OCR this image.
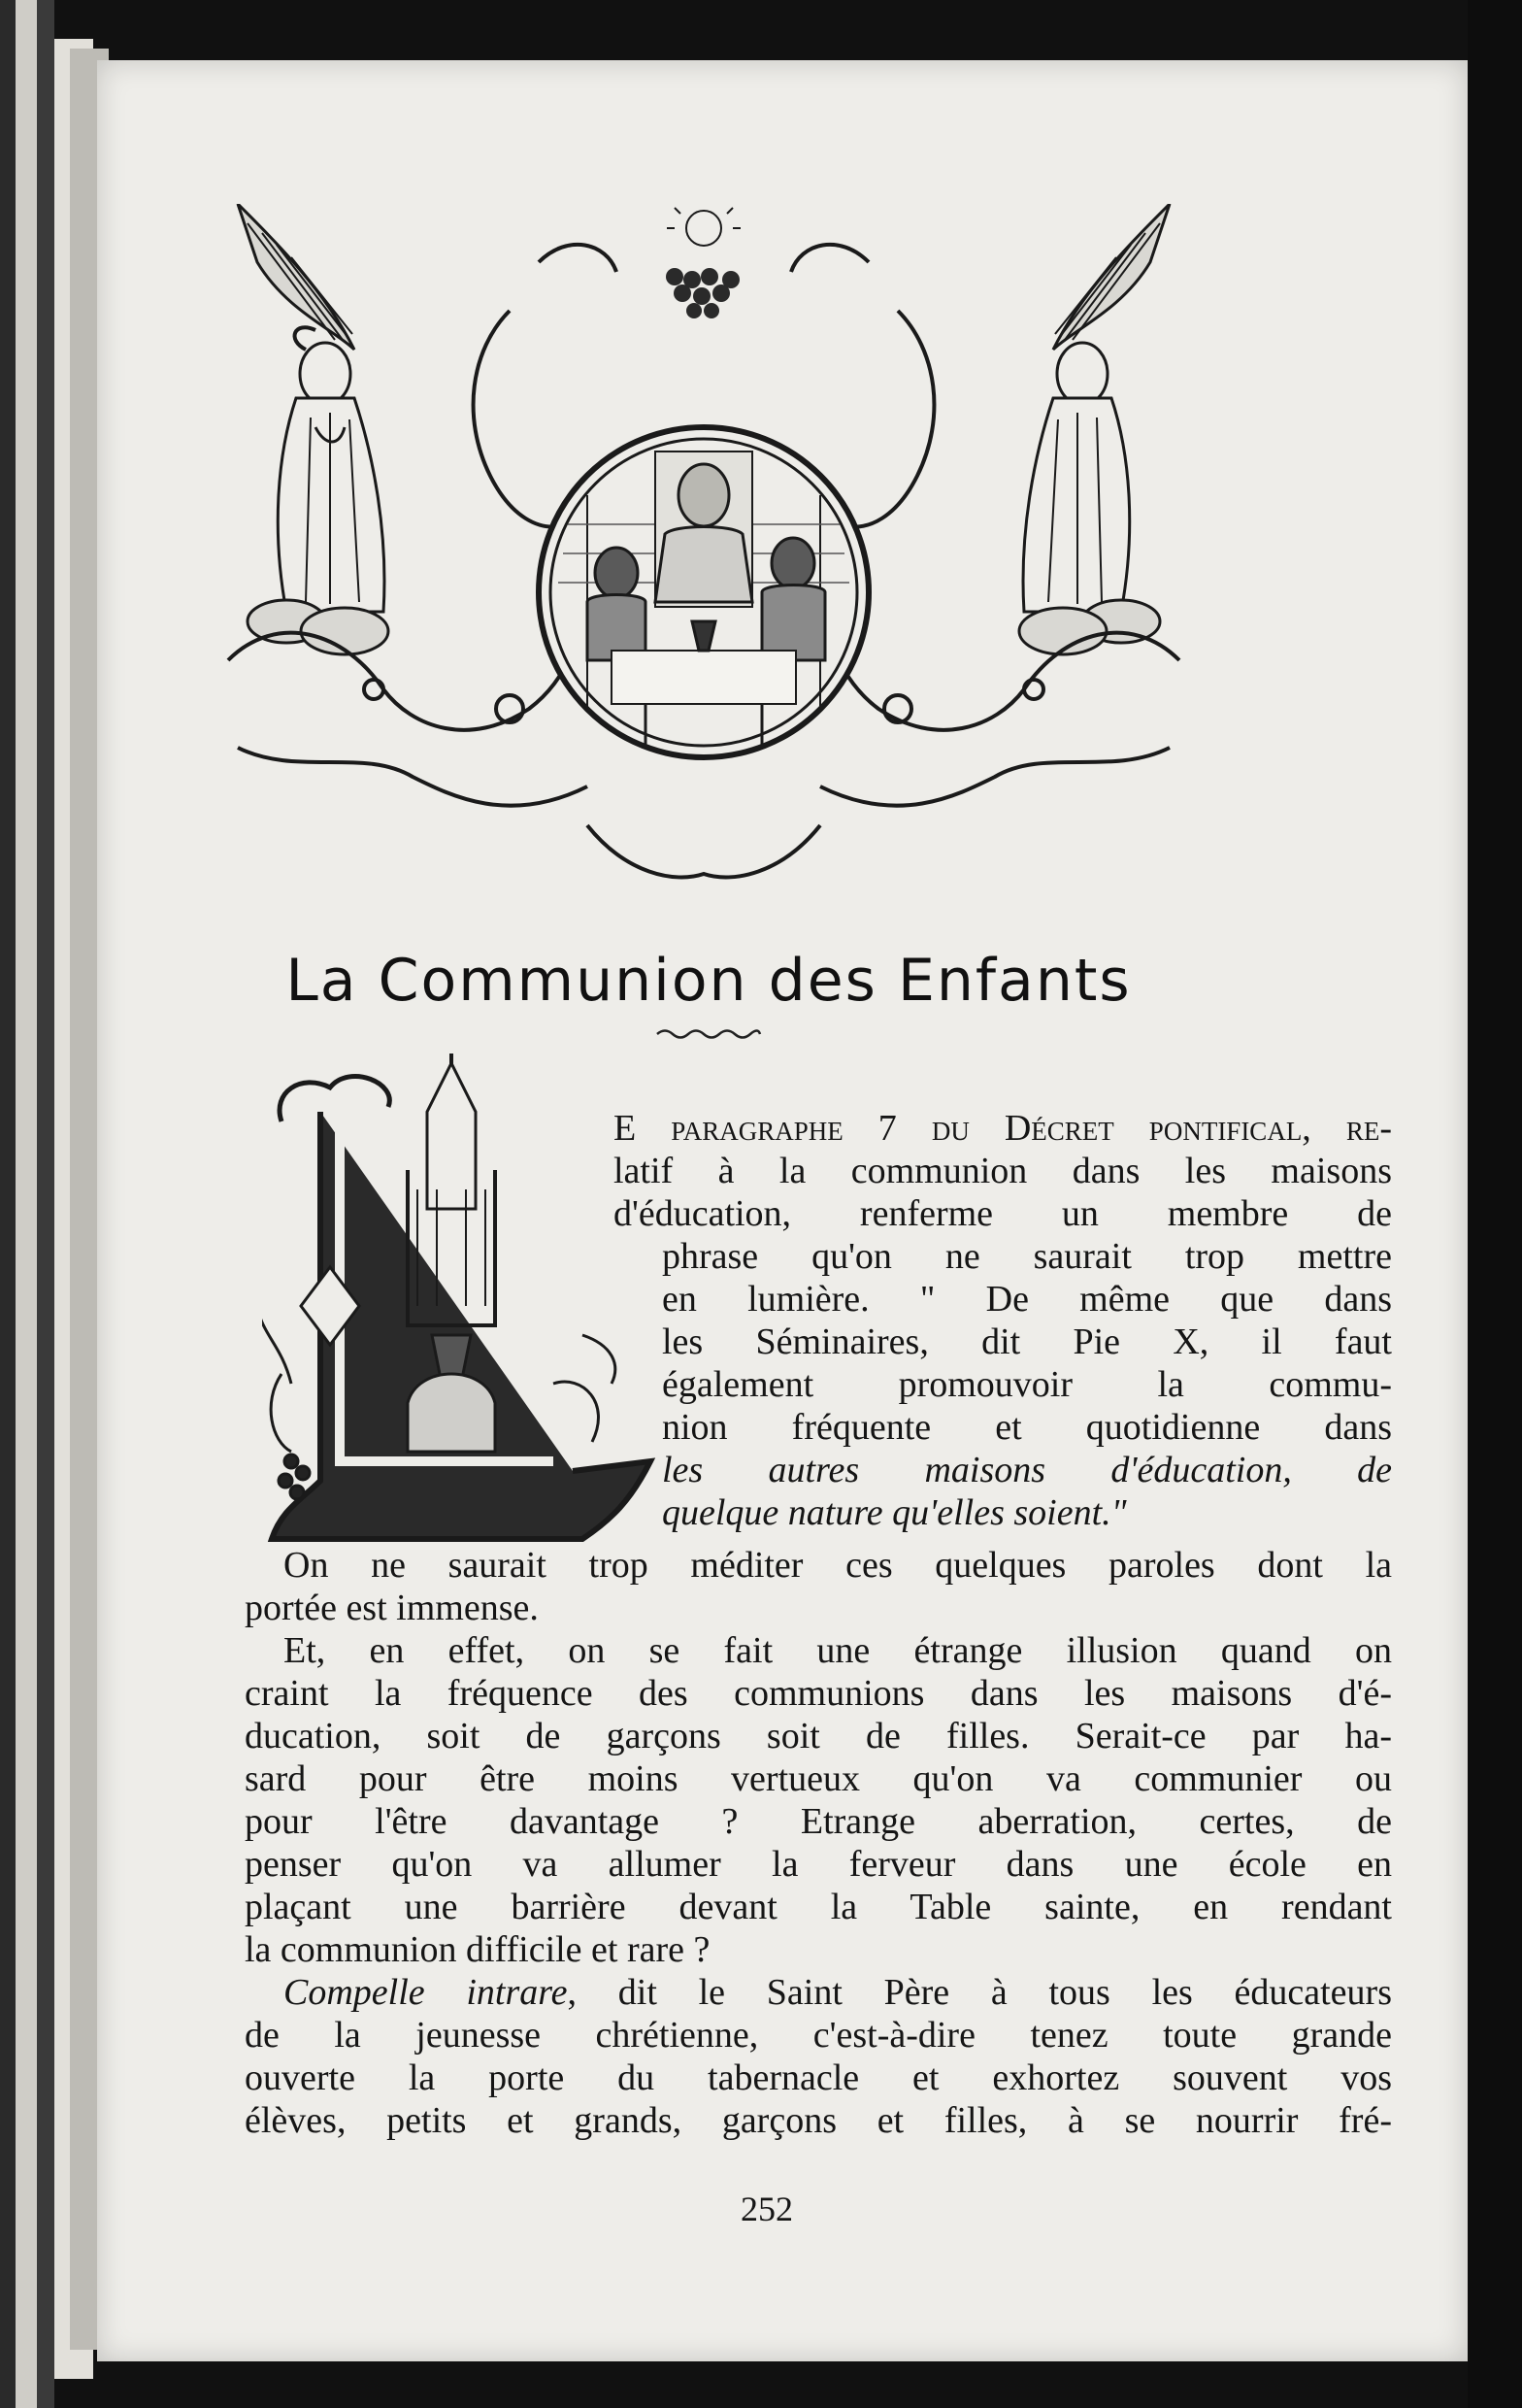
La Communion des Enfants
E paragraphe 7 du Décret pontifical, re-
latif à la communion dans les maisons
d'éducation, renferme un membre de
phrase qu'on ne saurait trop mettre
en lumière. " De même que dans
les Séminaires, dit Pie X, il faut
également promouvoir la commu-
nion fréquente et quotidienne dans
les autres maisons d'éducation, de
quelque nature qu'elles soient."
On ne saurait trop méditer ces quelques paroles dont la
portée est immense.
Et, en effet, on se fait une étrange illusion quand on
craint la fréquence des communions dans les maisons d'é-
ducation, soit de garçons soit de filles. Serait-ce par ha-
sard pour être moins vertueux qu'on va communier ou
pour l'être davantage ? Etrange aberration, certes, de
penser qu'on va allumer la ferveur dans une école en
plaçant une barrière devant la Table sainte, en rendant
la communion difficile et rare ?
Compelle intrare, dit le Saint Père à tous les éducateurs
de la jeunesse chrétienne, c'est-à-dire tenez toute grande
ouverte la porte du tabernacle et exhortez souvent vos
élèves, petits et grands, garçons et filles, à se nourrir fré-
252
